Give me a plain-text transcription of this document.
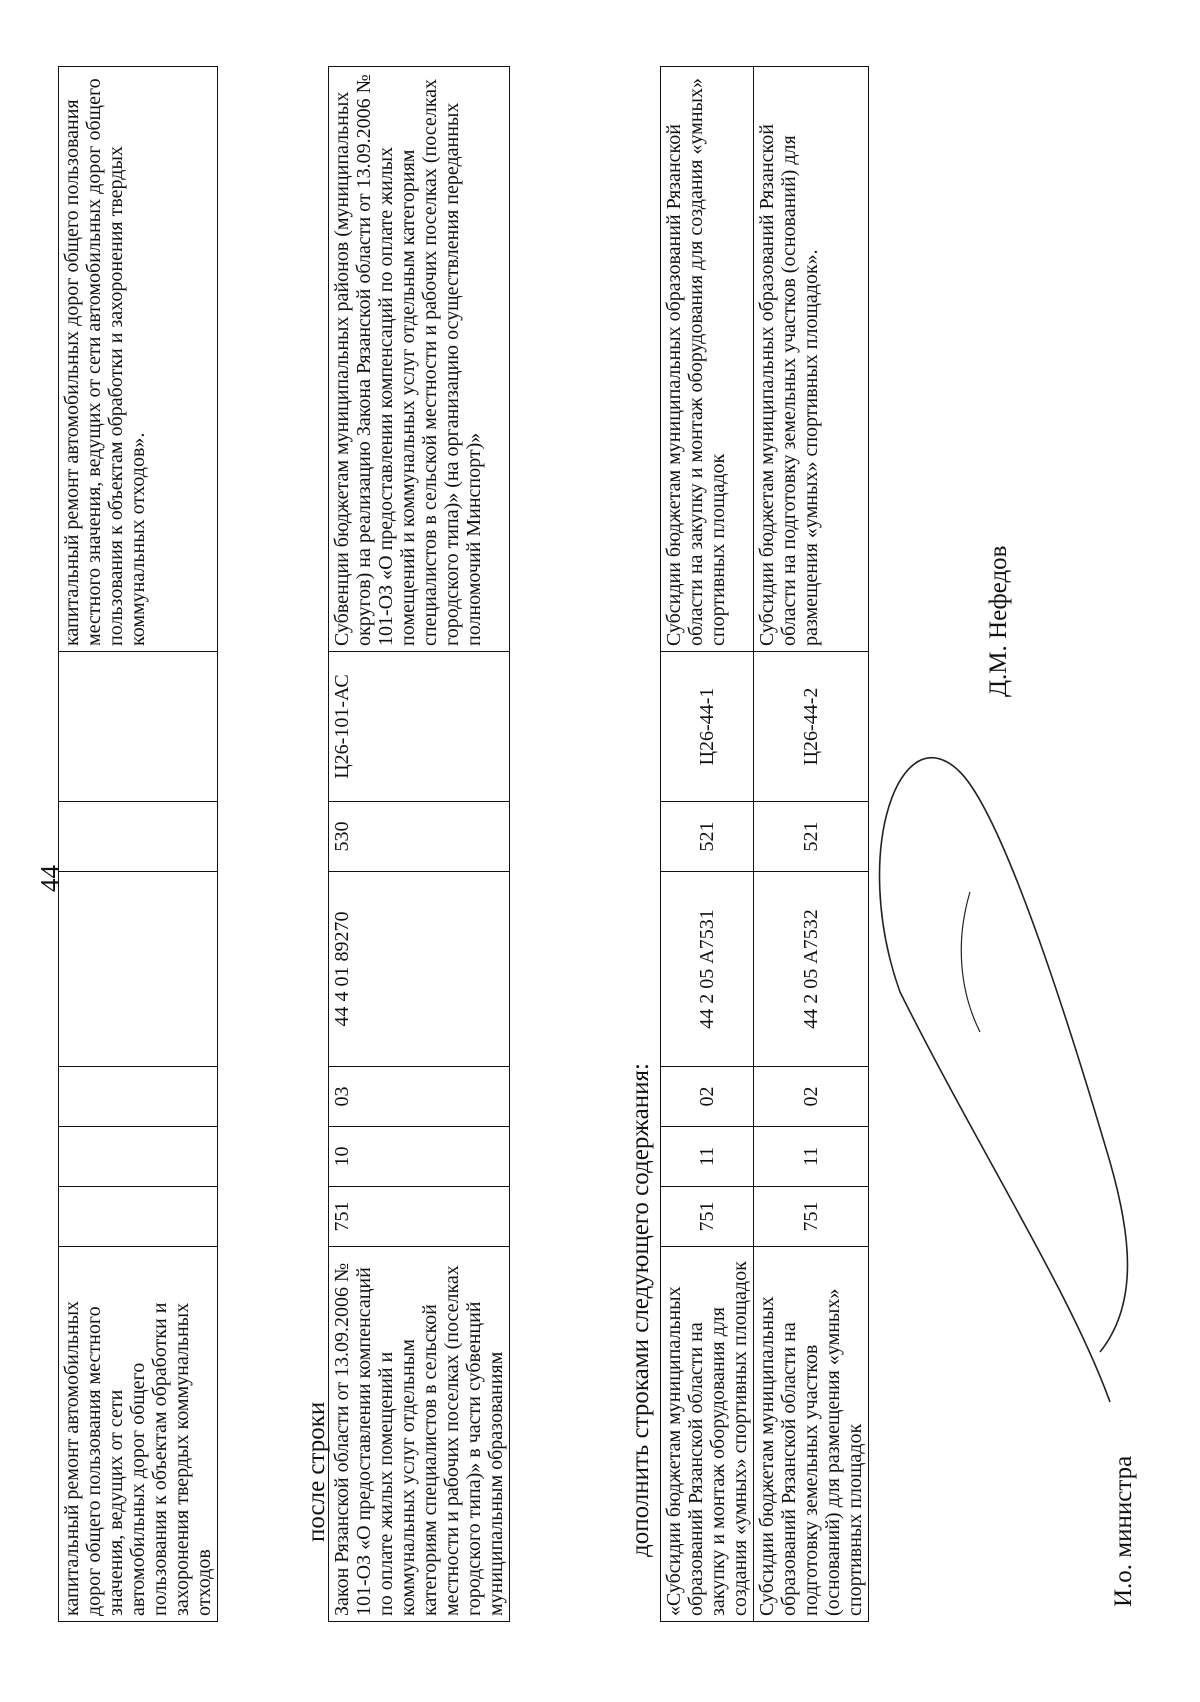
44
капитальный ремонт автомобильных дорог общего пользования местного значения, ведущих от сети автомобильных дорог общего пользования к объектам обработки и захоронения твердых коммунальных отходов							капитальный ремонт автомобильных дорог общего пользования местного значения, ведущих от сети автомобильных дорог общего пользования к объектам обработки и захоронения твердых коммунальных отходов».
после строки Закон Рязанской области от 13.09.2006 № 101-ОЗ «О предоставлении компенсаций по оплате жилых помещений и коммунальных услуг отдельным категориям специалистов в сельской местности и рабочих поселках (поселках городского типа)» в части субвенций муниципальным образованиям	751	10	03	44 4 01 89270	530	Ц26-101-АС	Субвенции бюджетам муниципальных районов (муниципальных округов) на реализацию Закона Рязанской области от 13.09.2006 № 101-ОЗ «О предоставлении компенсаций по оплате жилых помещений и коммунальных услуг отдельным категориям специалистов в сельской местности и рабочих поселках (поселках городского типа)» (на организацию осуществления переданных полномочий Минспорт)»
дополнить строками следующего содержания: «Субсидии бюджетам муниципальных образований Рязанской области на закупку и монтаж оборудования для создания «умных» спортивных площадок	751	11	02	44 2 05 А7531	521	Ц26-44-1	Субсидии бюджетам муниципальных образований Рязанской области на закупку и монтаж оборудования для создания «умных» спортивных площадок
Субсидии бюджетам муниципальных образований Рязанской области на подготовку земельных участков (оснований) для размещения «умных» спортивных площадок	751	11	02	44 2 05 А7532	521	Ц26-44-2	Субсидии бюджетам муниципальных образований Рязанской области на подготовку земельных участков (оснований) для размещения «умных» спортивных площадок».
И.о. министра
Д.М. Нефедов
